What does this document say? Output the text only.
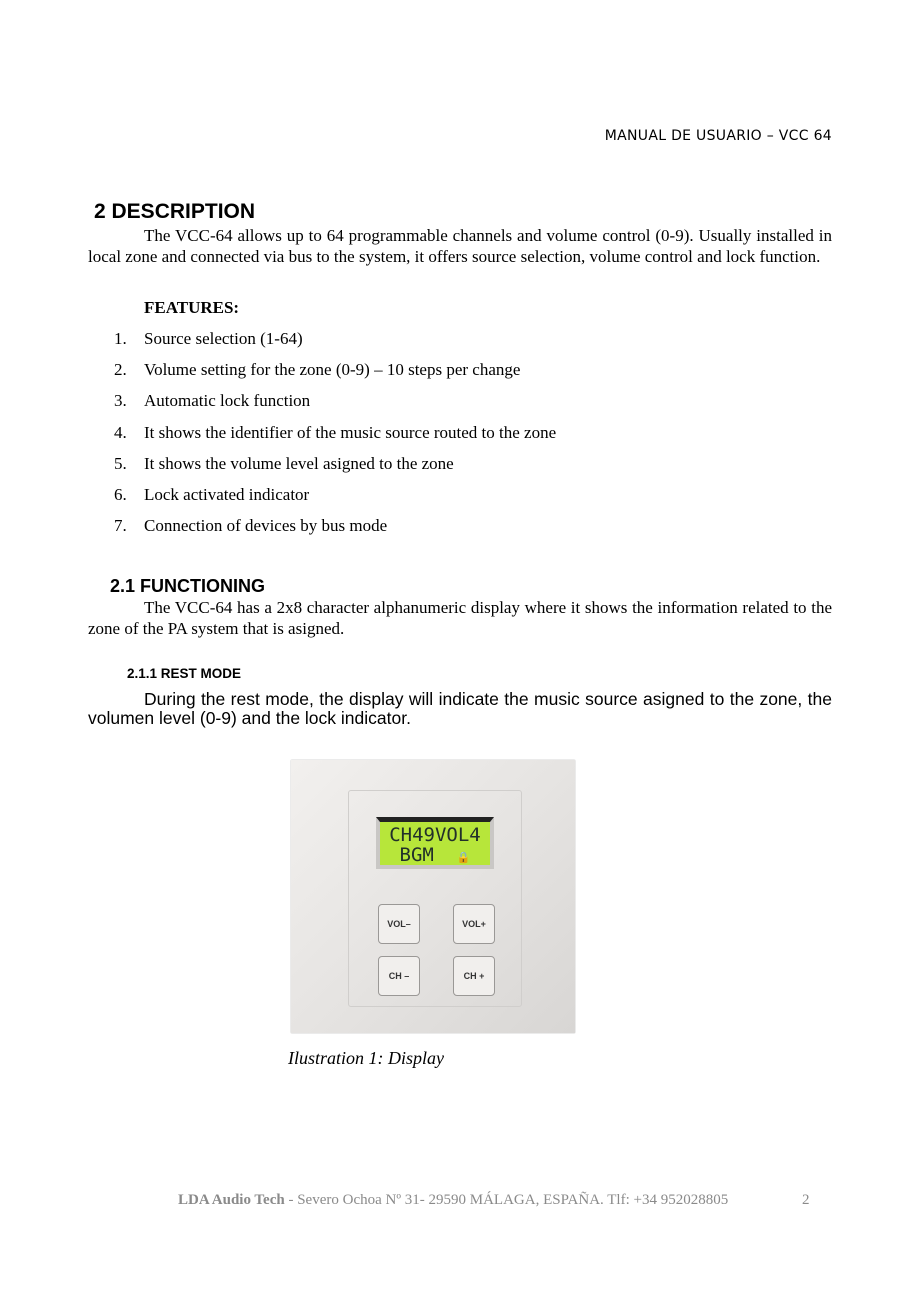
MANUAL DE USUARIO – VCC 64
2 DESCRIPTION
The VCC-64 allows up to 64 programmable channels and volume control (0-9). Usually installed in local zone and connected via bus to the system, it offers source selection, volume control and lock function.
FEATURES:
1. Source selection (1-64)
2. Volume setting for the zone (0-9) – 10 steps per change
3. Automatic lock function
4. It shows the identifier of the music source routed to the zone
5. It shows the volume level asigned to the zone
6. Lock activated indicator
7. Connection of devices by bus mode
2.1 FUNCTIONING
The VCC-64 has a 2x8 character alphanumeric display where it shows the information related to the zone of the PA system that is asigned.
2.1.1 REST MODE
During the rest mode, the display will indicate the music source asigned to the zone, the volumen level (0-9) and the lock indicator.
CH49VOL4
BGM 🔒
VOL–	VOL+
CH –	CH +
Ilustration 1: Display
LDA Audio Tech - Severo Ochoa Nº 31- 29590 MÁLAGA, ESPAÑA. Tlf: +34 952028805	2
